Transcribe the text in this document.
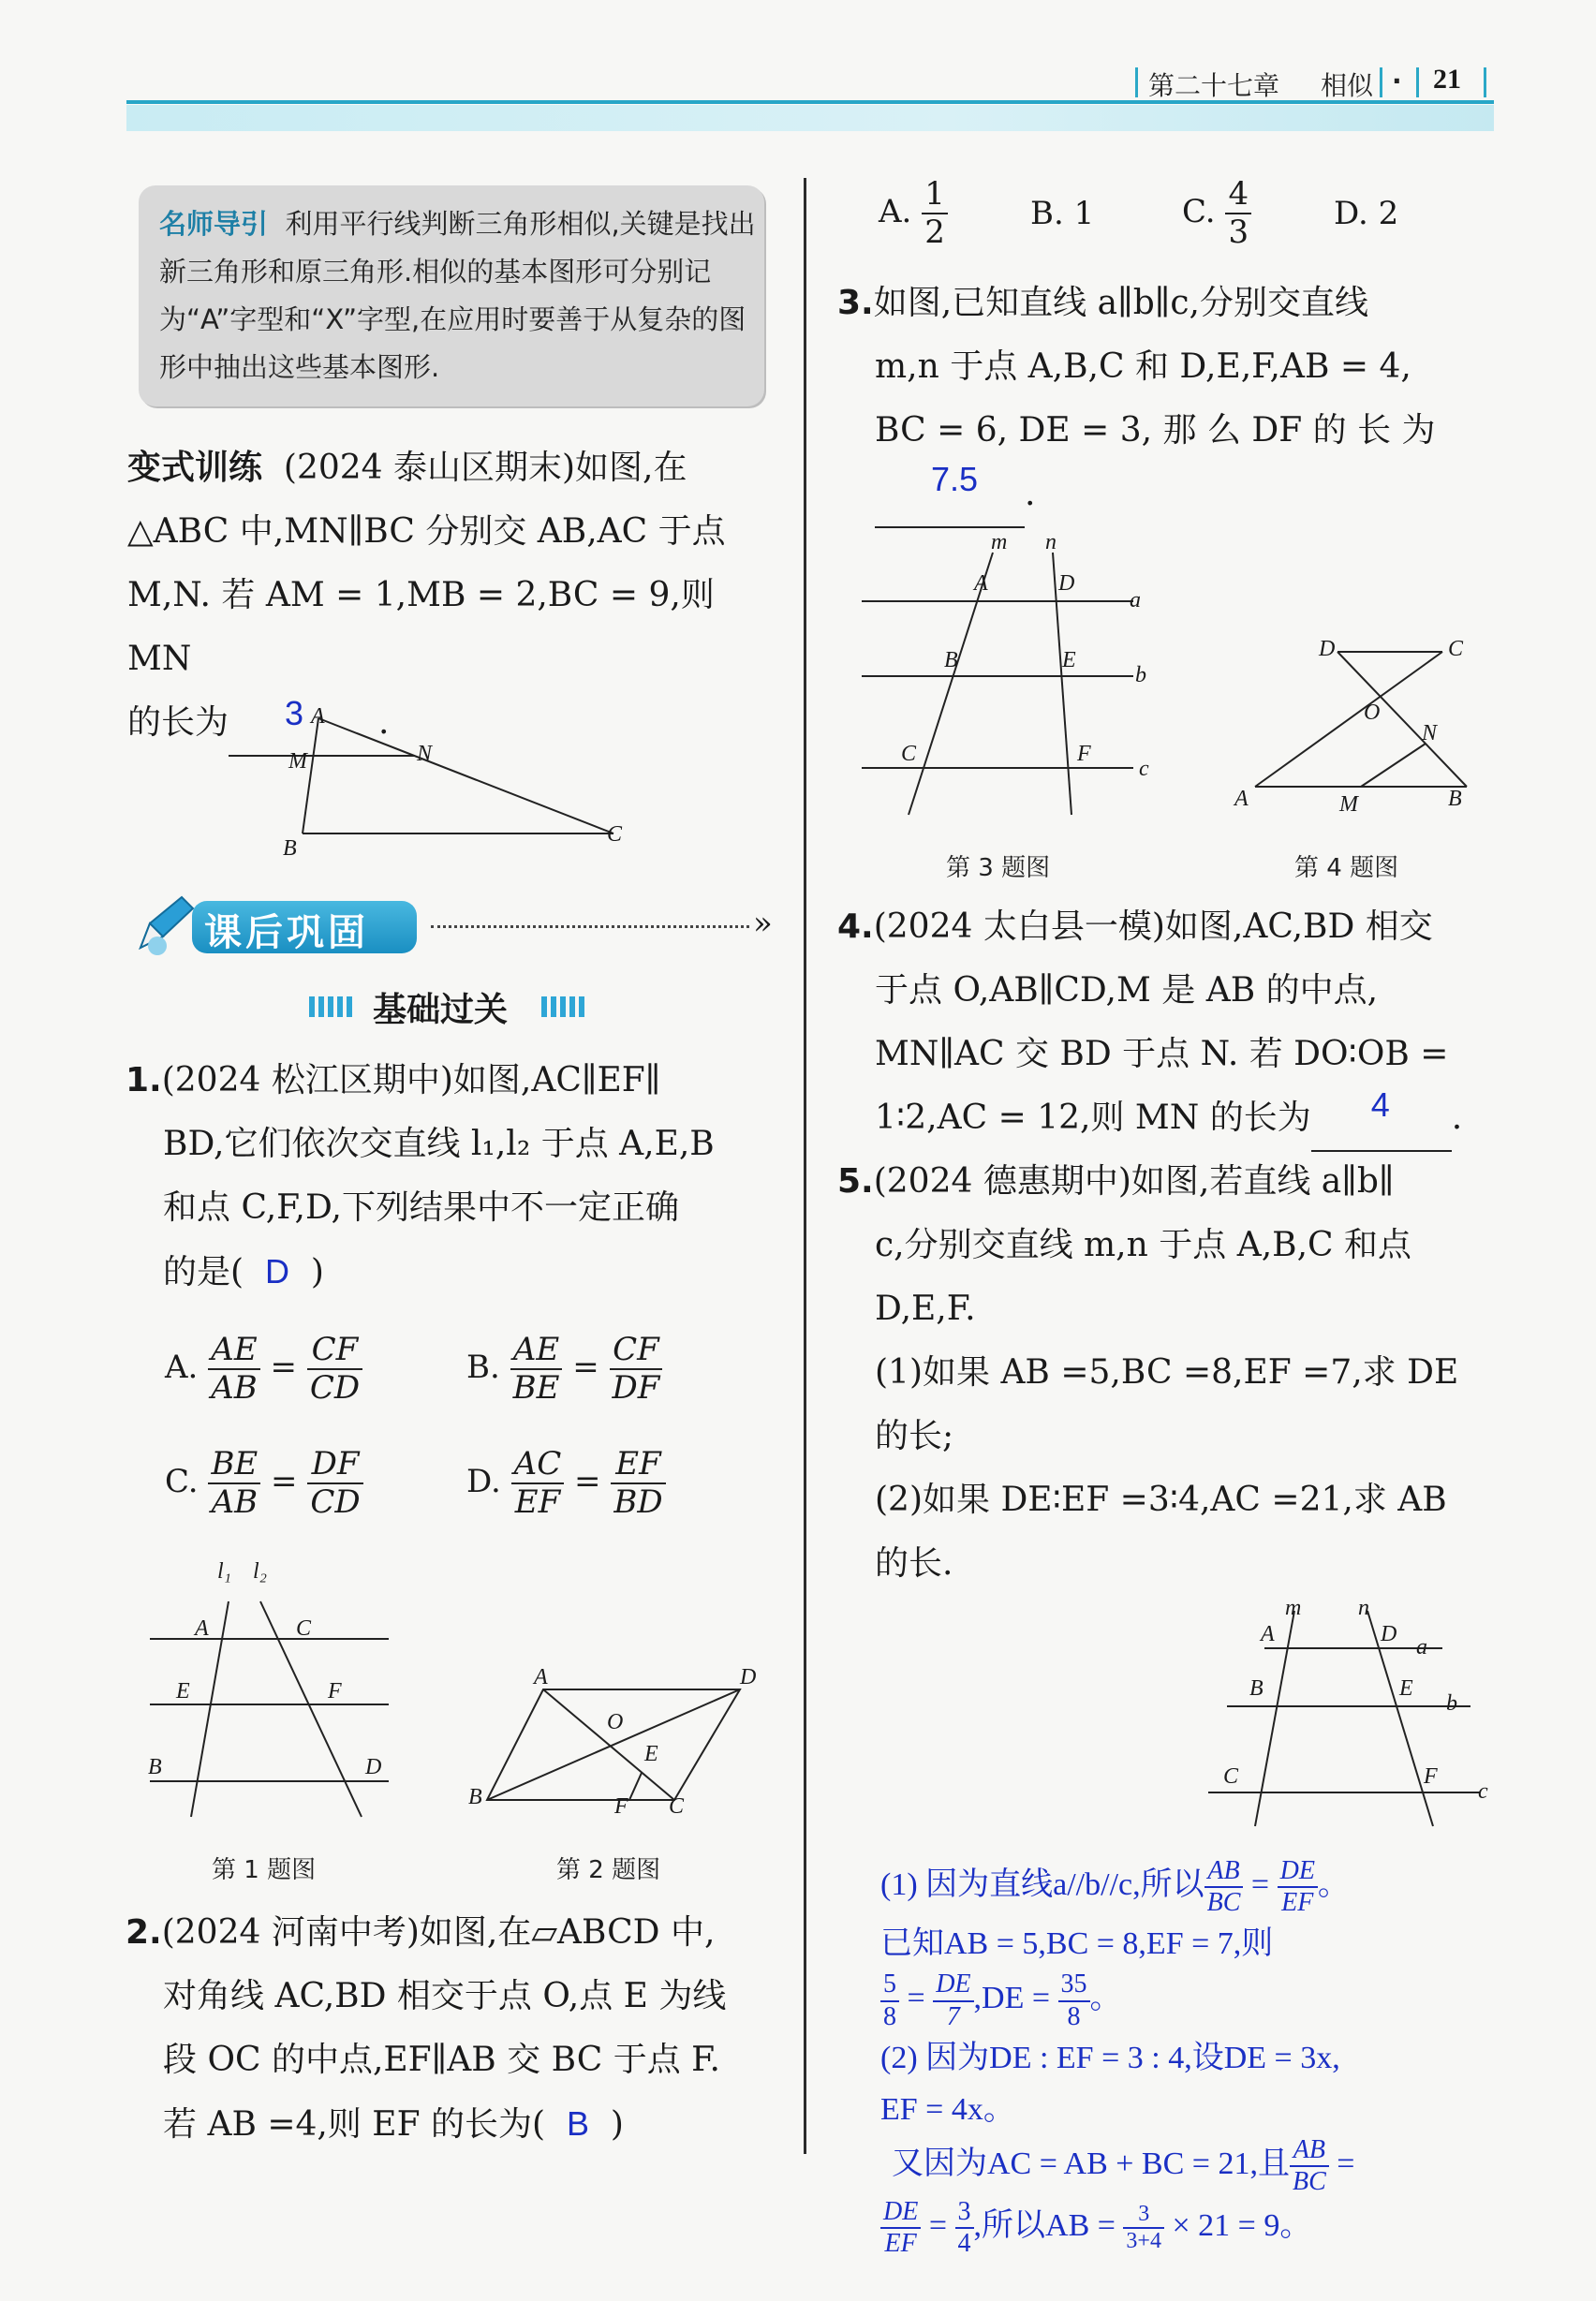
第二十七章 相似 · 21
名师导引 利用平行线判断三角形相似,关键是找出新三角形和原三角形.相似的基本图形可分别记为“A”字型和“X”字型,在应用时要善于从复杂的图形中抽出这些基本图形.
变式训练 (2024 泰山区期末)如图,在
△ABC 中,MN∥BC 分别交 AB,AC 于点
M,N. 若 AM = 1,MB = 2,BC = 9,则 MN
的长为 3 .
A
M	N
B
C
课后巩固	»
基础过关
1.(2024 松江区期中)如图,AC∥EF∥
BD,它们依次交直线 l₁,l₂ 于点 A,E,B
和点 C,F,D,下列结果中不一定正确
的是( D )
A. $\frac{AE}{AB} = \frac{CF}{CD}$	B. $\frac{AE}{BE} = \frac{CF}{DF}$
C. $\frac{BE}{AB} = \frac{DF}{CD}$	D. $\frac{AC}{EF} = \frac{EF}{BD}$
l₁ l₂
A	C
E	F
B	D
第 1 题图
A	D
O
E
B	F C
第 2 题图
2.(2024 河南中考)如图,在▱ABCD 中,
对角线 AC,BD 相交于点 O,点 E 为线
段 OC 的中点,EF∥AB 交 BC 于点 F.
若 AB =4,则 EF 的长为( B )
A. $\frac{1}{2}$	B. 1	C. $\frac{4}{3}$	D. 2
3.如图,已知直线 a∥b∥c,分别交直线
m,n 于点 A,B,C 和 D,E,F,AB = 4,
BC = 6, DE = 3, 那 么 DF 的 长 为
7.5 .
m n
A	D
a
B	E
b
C	F
c
第 3 题图
D	C
O
N
A	M	B
第 4 题图
4.(2024 太白县一模)如图,AC,BD 相交
于点 O,AB∥CD,M 是 AB 的中点,
MN∥AC 交 BD 于点 N. 若 DO∶OB =
1∶2,AC = 12,则 MN 的长为 4 .
5.(2024 德惠期中)如图,若直线 a∥b∥
c,分别交直线 m,n 于点 A,B,C 和点
D,E,F.
(1)如果 AB =5,BC =8,EF =7,求 DE
的长;
(2)如果 DE∶EF =3∶4,AC =21,求 AB
的长.
m	n
A	D
a
B	E
b
C	F
c
(1) 因为直线a//b//c,所以 $\frac{AB}{BC} = \frac{DE}{EF}$ 。
已知AB = 5,BC = 8,EF = 7,则
$\frac{5}{8} = \frac{DE}{7} ,DE = \frac{35}{8}$ 。
(2) 因为DE : EF = 3 : 4,设DE = 3x,
EF = 4x。
又因为AC = AB + BC = 21,且 $\frac{AB}{BC}$ =
$\frac{DE}{EF} = \frac{3}{4}$ ,所以AB = $\frac{3}{3+4} \times 21 = 9$。
